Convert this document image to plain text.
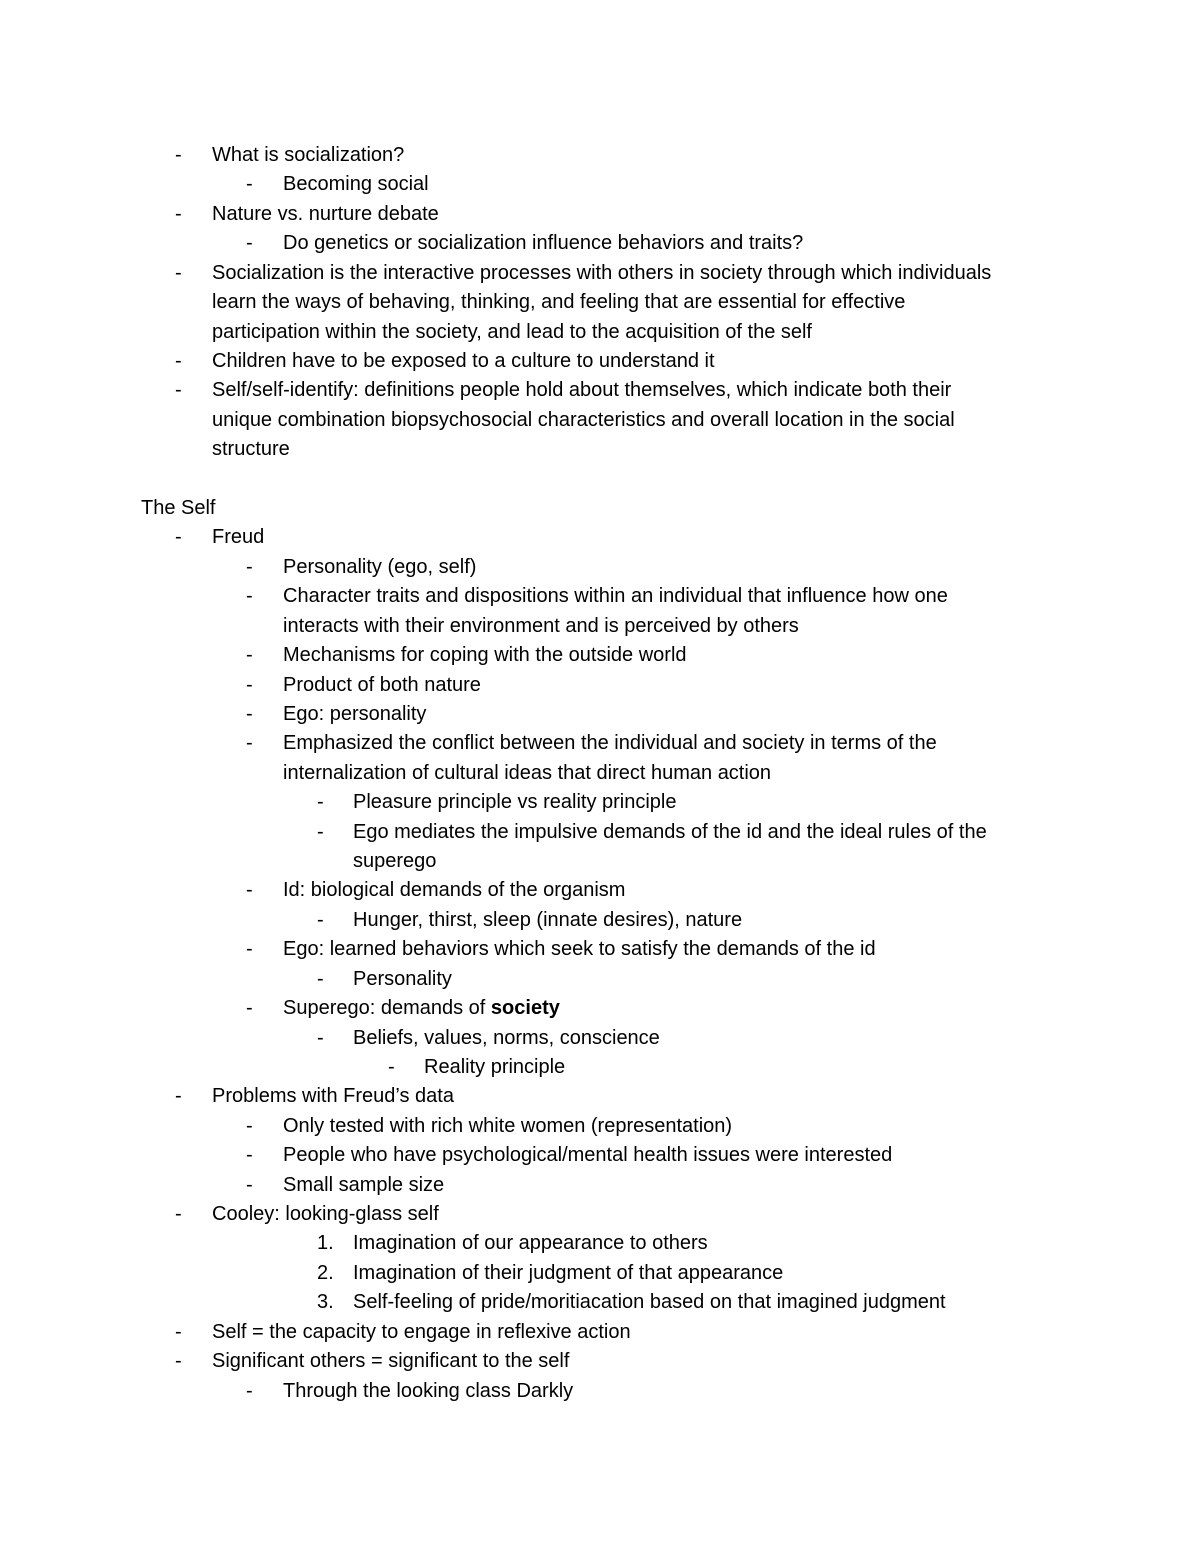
- What is socialization?
- Becoming social
- Nature vs. nurture debate
- Do genetics or socialization influence behaviors and traits?
- Socialization is the interactive processes with others in society through which individuals
learn the ways of behaving, thinking, and feeling that are essential for effective
participation within the society, and lead to the acquisition of the self
- Children have to be exposed to a culture to understand it
- Self/self-identify: definitions people hold about themselves, which indicate both their
unique combination biopsychosocial characteristics and overall location in the social
structure
The Self
- Freud
- Personality (ego, self)
- Character traits and dispositions within an individual that influence how one
interacts with their environment and is perceived by others
- Mechanisms for coping with the outside world
- Product of both nature
- Ego: personality
- Emphasized the conflict between the individual and society in terms of the
internalization of cultural ideas that direct human action
- Pleasure principle vs reality principle
- Ego mediates the impulsive demands of the id and the ideal rules of the
superego
- Id: biological demands of the organism
- Hunger, thirst, sleep (innate desires), nature
- Ego: learned behaviors which seek to satisfy the demands of the id
- Personality
- Superego: demands of society
- Beliefs, values, norms, conscience
- Reality principle
- Problems with Freud’s data
- Only tested with rich white women (representation)
- People who have psychological/mental health issues were interested
- Small sample size
- Cooley: looking-glass self
1. Imagination of our appearance to others
2. Imagination of their judgment of that appearance
3. Self-feeling of pride/moritiacation based on that imagined judgment
- Self = the capacity to engage in reflexive action
- Significant others = significant to the self
- Through the looking class Darkly
